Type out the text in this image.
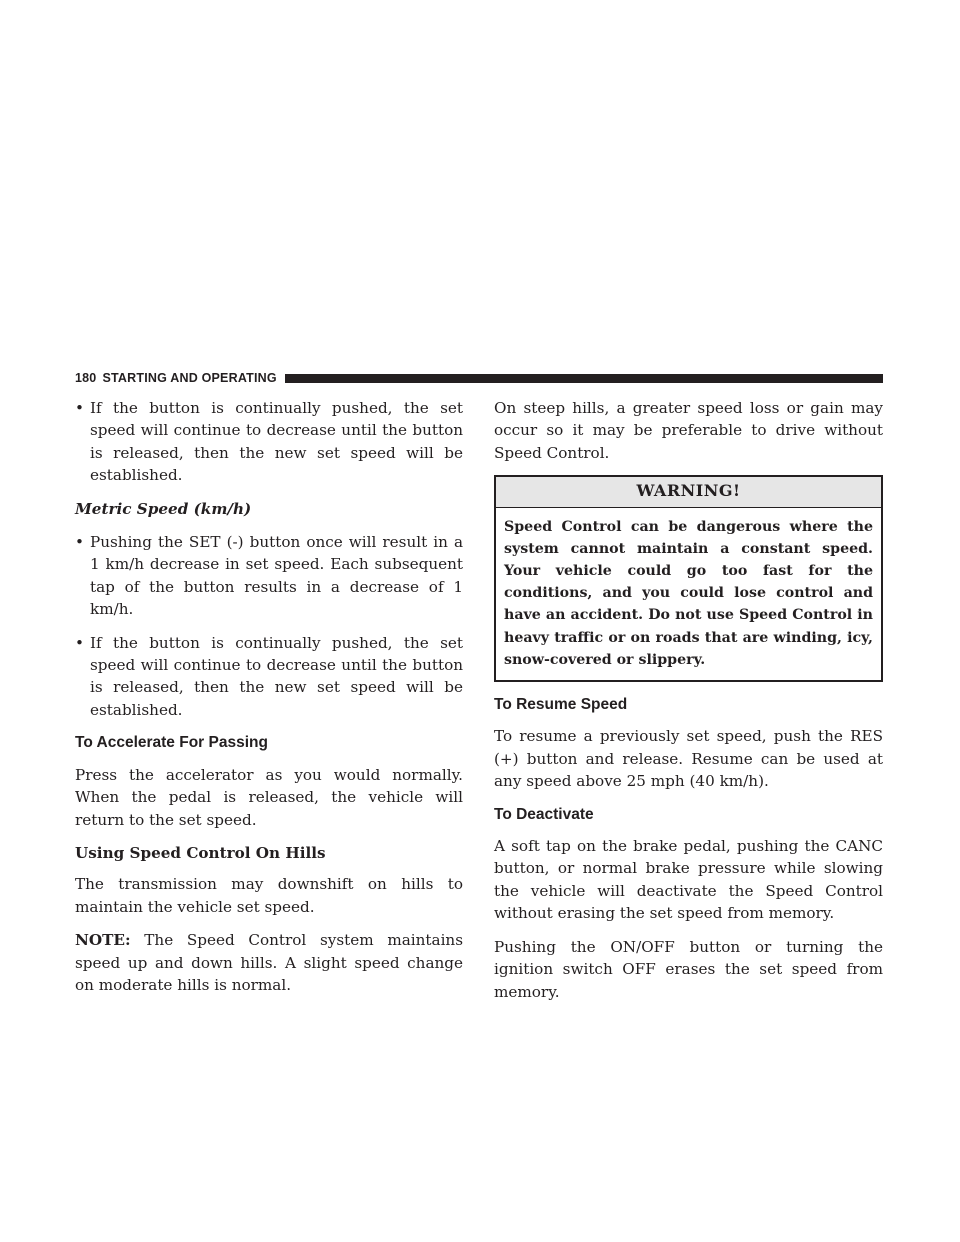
180 STARTING AND OPERATING
• If the button is continually pushed, the set speed will continue to decrease until the button is released, then the new set speed will be established.
Metric Speed (km/h)
• Pushing the SET (-) button once will result in a 1 km/h decrease in set speed. Each subsequent tap of the button results in a decrease of 1 km/h.
• If the button is continually pushed, the set speed will continue to decrease until the button is released, then the new set speed will be established.
To Accelerate For Passing

Press the accelerator as you would normally. When the pedal is released, the vehicle will return to the set speed.

Using Speed Control On Hills

The transmission may downshift on hills to maintain the vehicle set speed.

NOTE: The Speed Control system maintains speed up and down hills. A slight speed change on moderate hills is normal.

On steep hills, a greater speed loss or gain may occur so it may be preferable to drive without Speed Control.

WARNING!
Speed Control can be dangerous where the system cannot maintain a constant speed. Your vehicle could go too fast for the conditions, and you could lose control and have an accident. Do not use Speed Control in heavy traffic or on roads that are winding, icy, snow-covered or slippery.
To Resume Speed

To resume a previously set speed, push the RES (+) button and release. Resume can be used at any speed above 25 mph (40 km/h).

To Deactivate

A soft tap on the brake pedal, pushing the CANC button, or normal brake pressure while slowing the vehicle will deactivate the Speed Control without erasing the set speed from memory.

Pushing the ON/OFF button or turning the ignition switch OFF erases the set speed from memory.
